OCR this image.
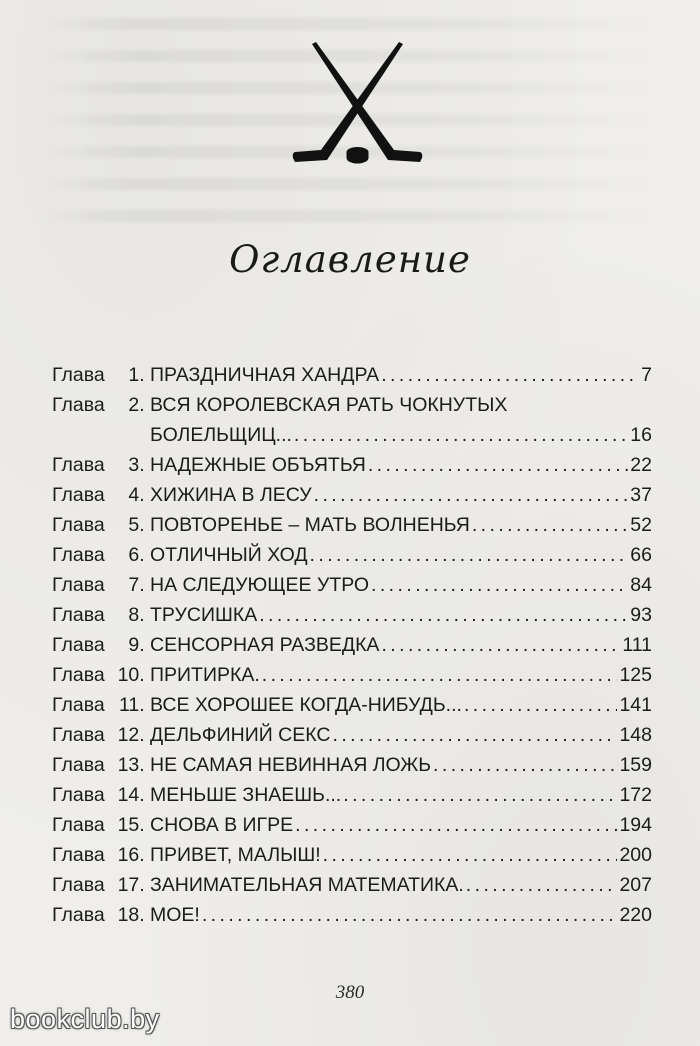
Оглавление
Глава 1. ПРАЗДНИЧНАЯ ХАНДРА . . .	7
Глава 2. ВСЯ КОРОЛЕВСКАЯ РАТЬ ЧОКНУТЫХ
БОЛЕЛЬЩИЦ... . . .	16
Глава 3. НАДЕЖНЫЕ ОБЪЯТЬЯ . . .	22
Глава 4. ХИЖИНА В ЛЕСУ . . .	37
Глава 5. ПОВТОРЕНЬЕ – МАТЬ ВОЛНЕНЬЯ . . .	52
Глава 6. ОТЛИЧНЫЙ ХОД . . .	66
Глава 7. НА СЛЕДУЮЩЕЕ УТРО . . .	84
Глава 8. ТРУСИШКА . . .	93
Глава 9. СЕНСОРНАЯ РАЗВЕДКА . . .	111
Глава 10. ПРИТИРКА. . . .	125
Глава 11. ВСЕ ХОРОШЕЕ КОГДА-НИБУДЬ... . . .	141
Глава 12. ДЕЛЬФИНИЙ СЕКС . . .	148
Глава 13. НЕ САМАЯ НЕВИННАЯ ЛОЖЬ . . .	159
Глава 14. МЕНЬШЕ ЗНАЕШЬ... . . .	172
Глава 15. СНОВА В ИГРЕ . . .	194
Глава 16. ПРИВЕТ, МАЛЫШ! . . .	200
Глава 17. ЗАНИМАТЕЛЬНАЯ МАТЕМАТИКА. . . .	207
Глава 18. МОЕ! . . .	220
380
bookclub.by
